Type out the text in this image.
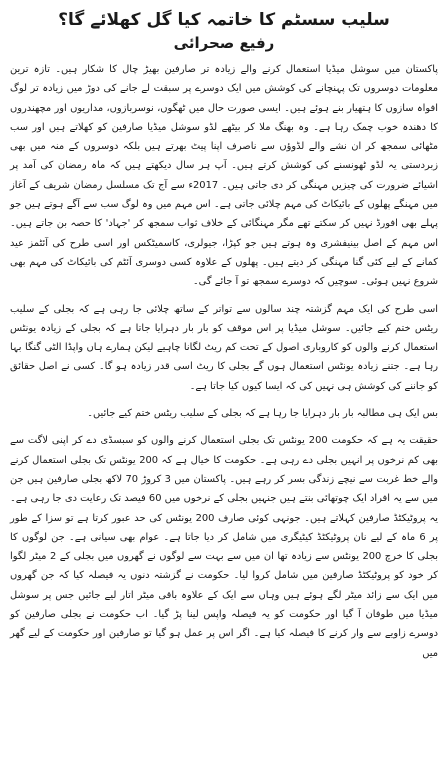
سلیب سسٹم کا خاتمہ کیا گل کھلائے گا؟
رفیع صحرائی

پاکستان میں سوشل میڈیا استعمال کرنے والے زیادہ تر صارفین بھیڑ چال کا شکار ہیں۔ تازہ ترین معلومات دوسروں تک پہنچانے کی کوشش میں ایک دوسرے پر سبقت لے جانے کی دوڑ میں زیادہ تر لوگ افواہ سازوں کا ہتھیار بنے ہوئے ہیں۔ ایسی صورت حال میں ٹھگوں، نوسربازوں، مداریوں اور مچھندروں کا دھندہ خوب چمک رہا ہے۔ وہ بھنگ ملا کر بیٹھے لڈو سوشل میڈیا صارفین کو کھلاتے ہیں اور سب مٹھائی سمجھ کر ان نشے والے لڈوؤں سے ناصرف اپنا پیٹ بھرتے ہیں بلکہ دوسروں کے منہ میں بھی زبردستی یہ لڈو ٹھونسنے کی کوشش کرتے ہیں۔ آپ ہر سال دیکھتے ہیں کہ ماہ رمضان کی آمد پر اشیائے ضرورت کی چیزیں مہنگی کر دی جاتی ہیں۔ 2017ء سے آج تک مسلسل رمضان شریف کے آغاز میں مہنگے پھلوں کے بائیکاٹ کی مہم چلائی جاتی ہے۔ اس مہم میں وہ لوگ سب سے آگے ہوتے ہیں جو پہلے بھی افورڈ نہیں کر سکتے تھے مگر مہنگائی کے خلاف ثواب سمجھ کر 'جہاد' کا حصہ بن جاتے ہیں۔ اس مہم کے اصل بینیفشری وہ ہوتے ہیں جو کپڑا، جیولری، کاسمیٹکس اور اسی طرح کی آئٹمز عید کمانے کے لیے کئی گنا مہنگی کر دیتے ہیں۔ پھلوں کے علاوہ کسی دوسری آئٹم کی بائیکاٹ کی مہم بھی شروع نہیں ہوئی۔ سوچیں کہ دوسرے سمجھ تو آ جائے گی۔

اسی طرح کی ایک مہم گزشتہ چند سالوں سے تواتر کے ساتھ چلائی جا رہی ہے کہ بجلی کے سلیب ریٹس ختم کیے جائیں۔ سوشل میڈیا پر اس موقف کو بار بار دہرایا جاتا ہے کہ بجلی کے زیادہ یونٹس استعمال کرنے والوں کو کاروباری اصول کے تحت کم ریٹ لگانا چاہیے لیکن ہمارے ہاں واپڈا الٹی گنگا بہا رہا ہے۔ جتنے زیادہ یونٹس استعمال ہوں گے بجلی کا ریٹ اسی قدر زیادہ ہو گا۔ کسی نے اصل حقائق کو جاننے کی کوشش ہی نہیں کی کہ ایسا کیوں کیا جاتا ہے۔

بس ایک ہی مطالبہ بار بار دہرایا جا رہا ہے کہ بجلی کے سلیب ریٹس ختم کیے جائیں۔

حقیقت یہ ہے کہ حکومت 200 یونٹس تک بجلی استعمال کرنے والوں کو سبسڈی دے کر اپنی لاگت سے بھی کم نرخوں پر انہیں بجلی دے رہی ہے۔ حکومت کا خیال ہے کہ 200 یونٹس تک بجلی استعمال کرنے والے خط غربت سے نیچے زندگی بسر کر رہے ہیں۔ پاکستان میں 3 کروڑ 70 لاکھ بجلی صارفین ہیں جن میں سے یہ افراد ایک چوتھائی بنتے ہیں جنہیں بجلی کے نرخوں میں 60 فیصد تک رعایت دی جا رہی ہے۔ یہ پروٹیکٹڈ صارفین کہلاتے ہیں۔ جونہی کوئی صارف 200 یونٹس کی حد عبور کرتا ہے تو سزا کے طور پر 6 ماہ کے لیے نان پروٹیکٹڈ کیٹیگری میں شامل کر دیا جاتا ہے۔ عوام بھی سیانی ہے۔ جن لوگوں کا بجلی کا خرچ 200 یونٹس سے زیادہ تھا ان میں سے بہت سے لوگوں نے گھروں میں بجلی کے 2 میٹر لگوا کر خود کو پروٹیکٹڈ صارفین میں شامل کروا لیا۔ حکومت نے گزشتہ دنوں یہ فیصلہ کیا کہ جن گھروں میں ایک سے زائد میٹر لگے ہوئے ہیں وہاں سے ایک کے علاوہ باقی میٹر اتار لیے جائیں جس پر سوشل میڈیا میں طوفان آ گیا اور حکومت کو یہ فیصلہ واپس لینا پڑ گیا۔ اب حکومت نے بجلی صارفین کو دوسرے زاویے سے وار کرنے کا فیصلہ کیا ہے۔ اگر اس پر عمل ہو گیا تو صارفین اور حکومت کے لیے گھر میں
